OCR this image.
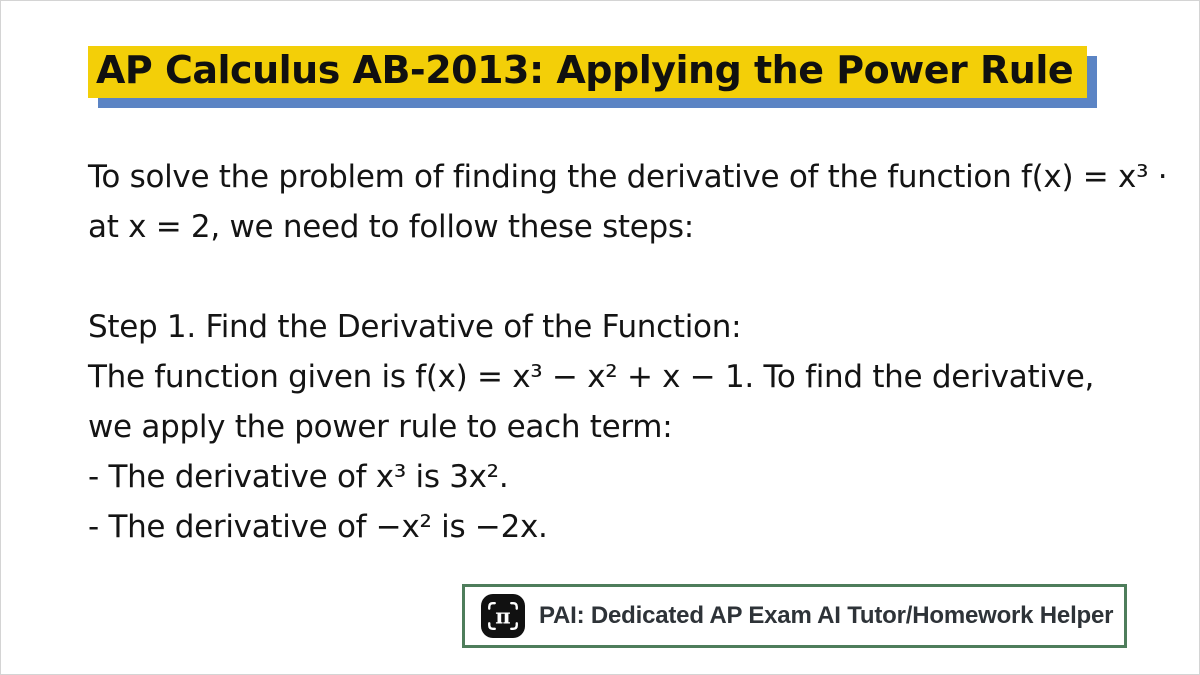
AP Calculus AB-2013: Applying the Power Rule

To solve the problem of finding the derivative of the function f(x) = x³ ·

at x = 2, we need to follow these steps:

Step 1. Find the Derivative of the Function:

The function given is f(x) = x³ − x² + x − 1. To find the derivative,

we apply the power rule to each term:

- The derivative of x³ is 3x².

- The derivative of −x² is −2x.

π PAI: Dedicated AP Exam AI Tutor/Homework Helper
